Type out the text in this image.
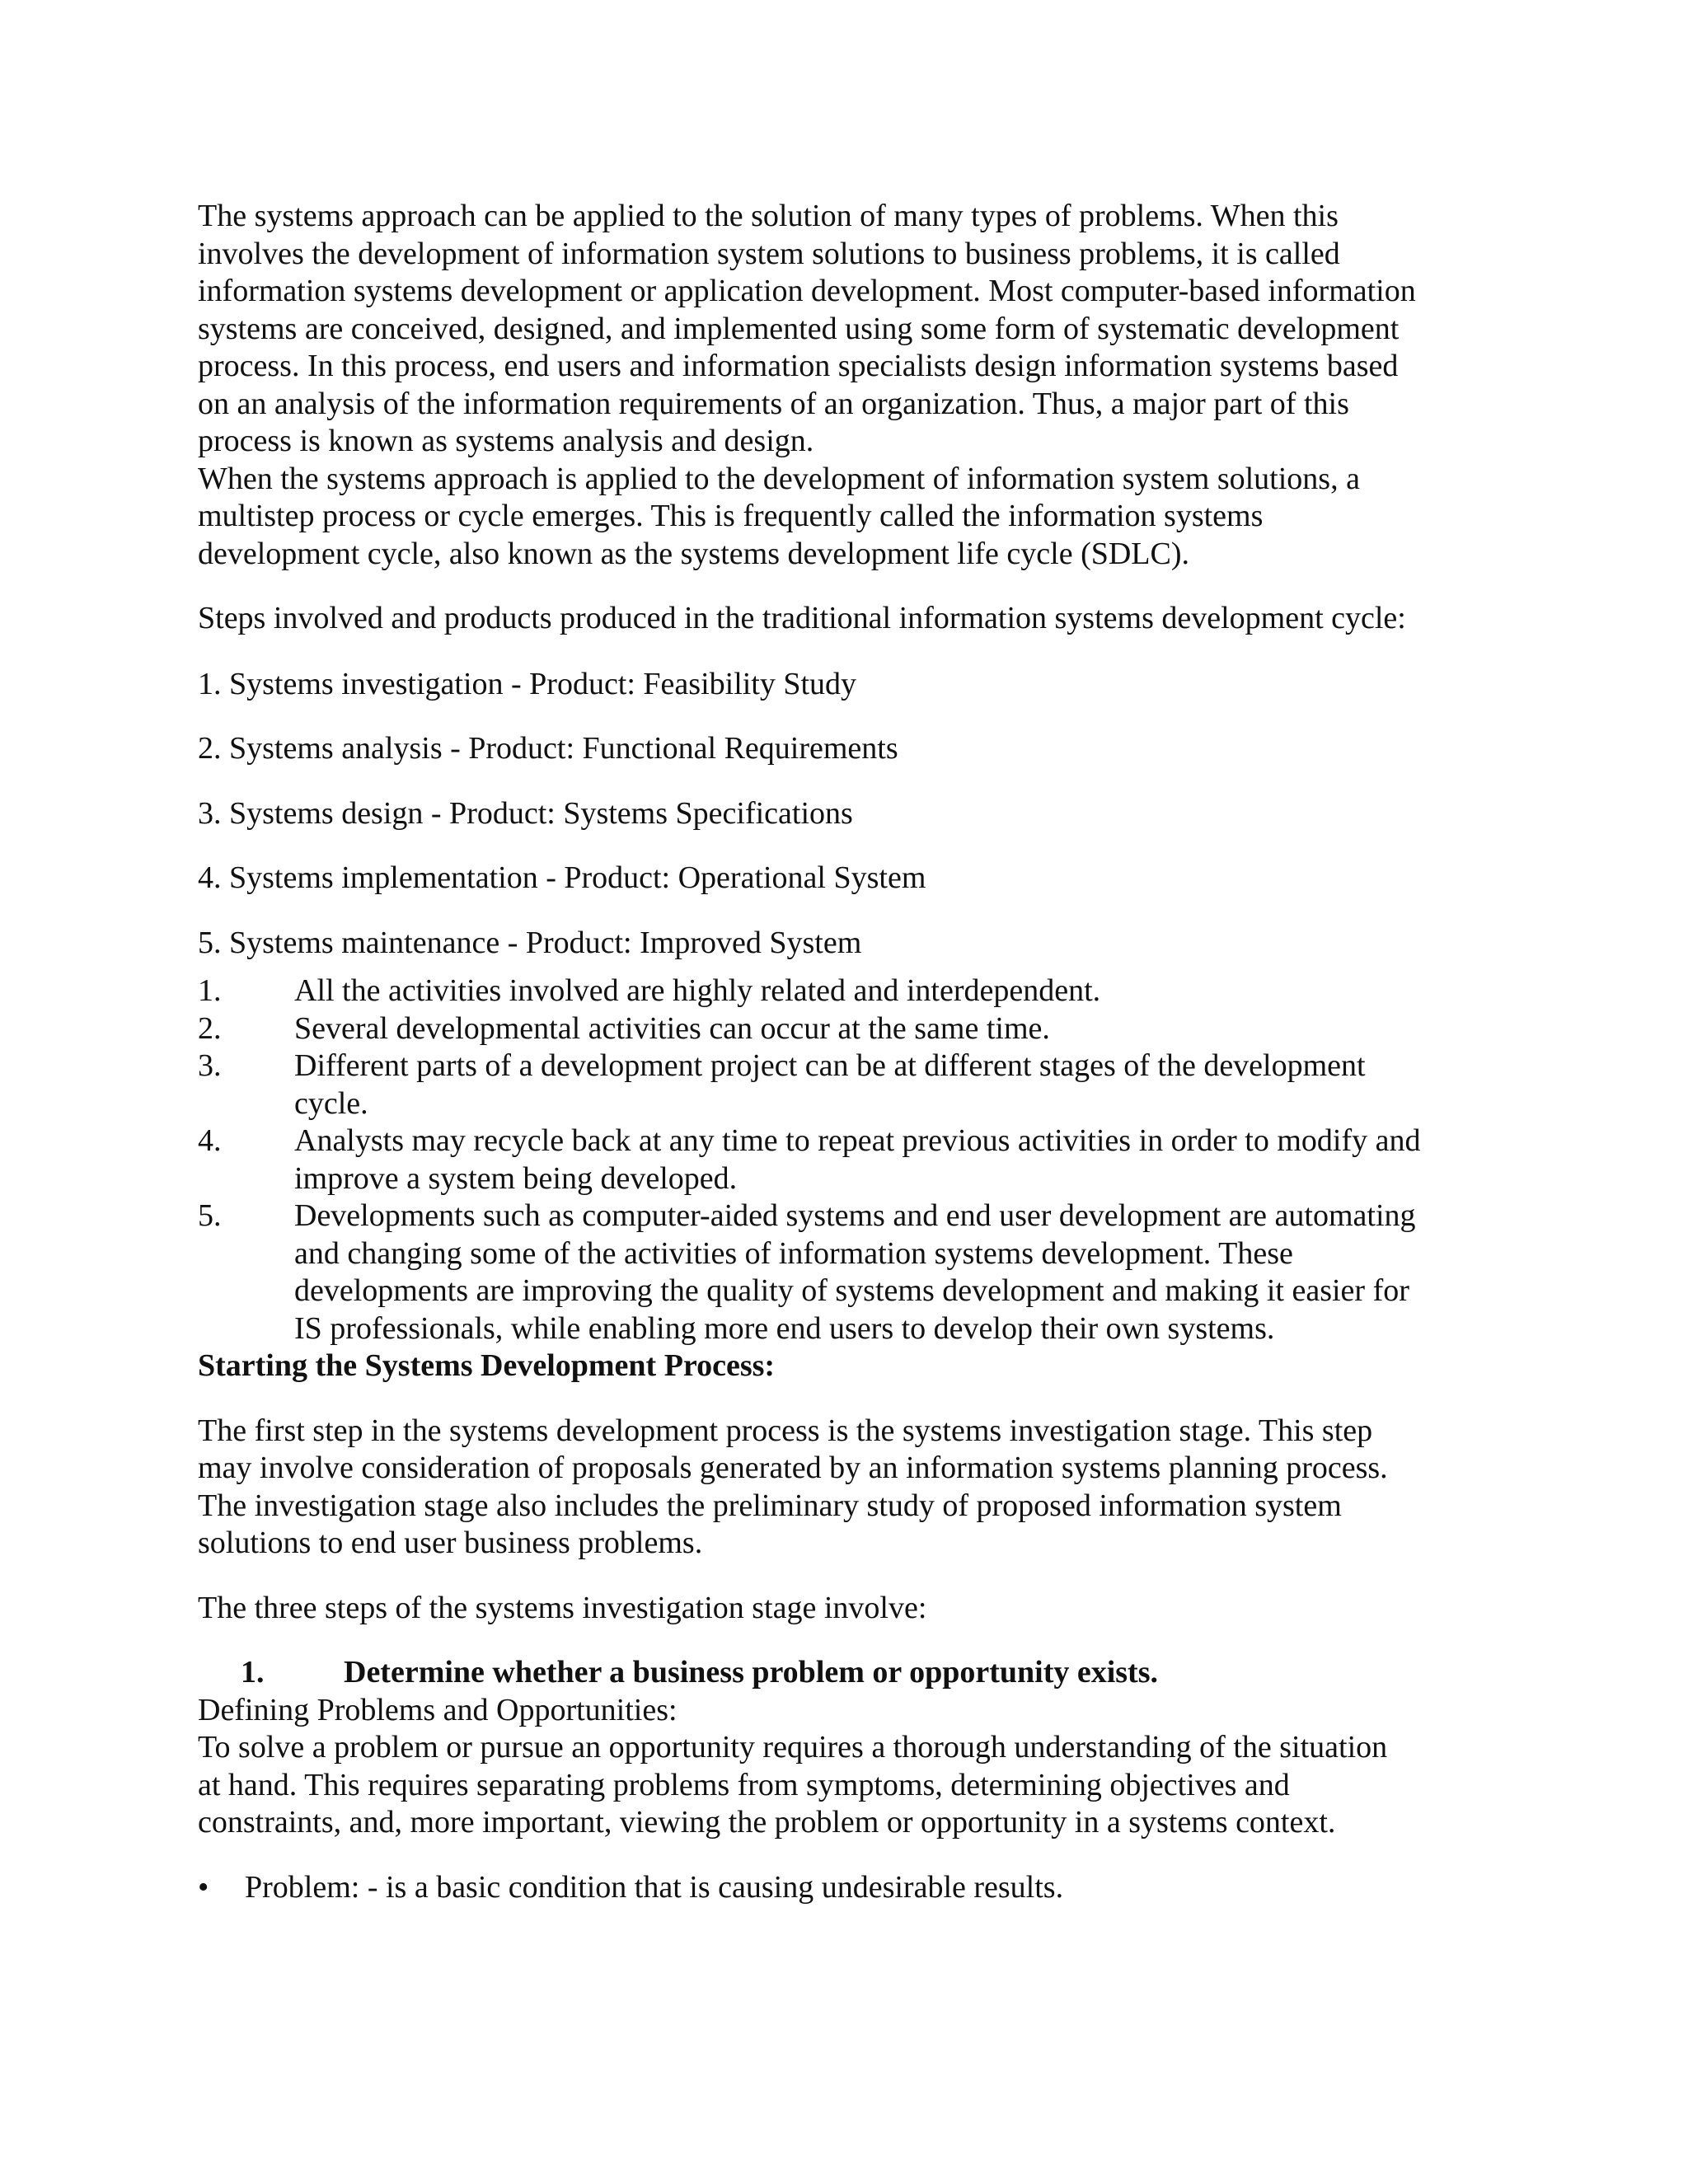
The systems approach can be applied to the solution of many types of problems. When this
involves the development of information system solutions to business problems, it is called
information systems development or application development. Most computer-based information
systems are conceived, designed, and implemented using some form of systematic development
process. In this process, end users and information specialists design information systems based
on an analysis of the information requirements of an organization. Thus, a major part of this
process is known as systems analysis and design.

When the systems approach is applied to the development of information system solutions, a
multistep process or cycle emerges. This is frequently called the information systems
development cycle, also known as the systems development life cycle (SDLC).

Steps involved and products produced in the traditional information systems development cycle:

1. Systems investigation - Product: Feasibility Study

2. Systems analysis - Product: Functional Requirements

3. Systems design - Product: Systems Specifications

4. Systems implementation - Product: Operational System

5. Systems maintenance - Product: Improved System

1. All the activities involved are highly related and interdependent.

2. Several developmental activities can occur at the same time.

3. Different parts of a development project can be at different stages of the development
cycle.

4. Analysts may recycle back at any time to repeat previous activities in order to modify and
improve a system being developed.

5. Developments such as computer-aided systems and end user development are automating
and changing some of the activities of information systems development. These
developments are improving the quality of systems development and making it easier for
IS professionals, while enabling more end users to develop their own systems.

Starting the Systems Development Process:

The first step in the systems development process is the systems investigation stage. This step
may involve consideration of proposals generated by an information systems planning process.
The investigation stage also includes the preliminary study of proposed information system
solutions to end user business problems.

The three steps of the systems investigation stage involve:

1.	Determine whether a business problem or opportunity exists.

Defining Problems and Opportunities:

To solve a problem or pursue an opportunity requires a thorough understanding of the situation
at hand. This requires separating problems from symptoms, determining objectives and
constraints, and, more important, viewing the problem or opportunity in a systems context.

• Problem: - is a basic condition that is causing undesirable results.
